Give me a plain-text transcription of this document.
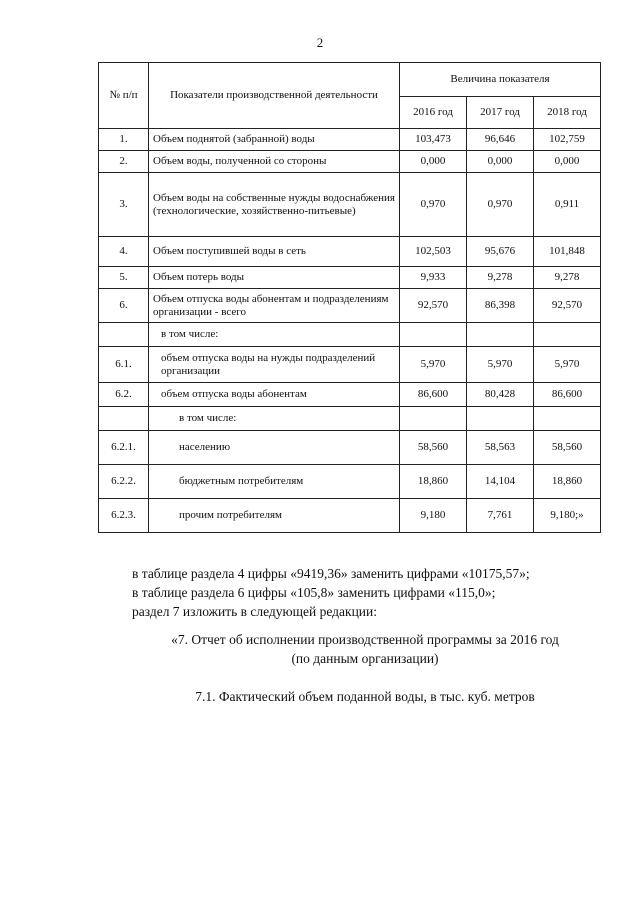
2
№ п/п	Показатели производственной деятельности	Величина показателя		
		2016 год	2017 год	2018 год
1.	Объем поднятой (забранной) воды	103,473	96,646	102,759
2.	Объем воды, полученной со стороны	0,000	0,000	0,000
3.	Объем воды на собственные нужды водоснабжения (технологические, хозяйственно-питьевые)	0,970	0,970	0,911
4.	Объем поступившей воды в сеть	102,503	95,676	101,848
5.	Объем потерь воды	9,933	9,278	9,278
6.	Объем отпуска воды абонентам и подразделениям организации - всего	92,570	86,398	92,570
	в том числе:			
6.1.	объем отпуска воды на нужды подразделений организации	5,970	5,970	5,970
6.2.	объем отпуска воды абонентам	86,600	80,428	86,600
	в том числе:			
6.2.1.	населению	58,560	58,563	58,560
6.2.2.	бюджетным потребителям	18,860	14,104	18,860
6.2.3.	прочим потребителям	9,180	7,761	9,180;»

в таблице раздела 4 цифры «9419,36» заменить цифрами «10175,57»;

в таблице раздела 6 цифры «105,8» заменить цифрами «115,0»;

раздел 7 изложить в следующей редакции:

«7. Отчет об исполнении производственной программы за 2016 год
(по данным организации)
7.1. Фактический объем поданной воды, в тыс. куб. метров
